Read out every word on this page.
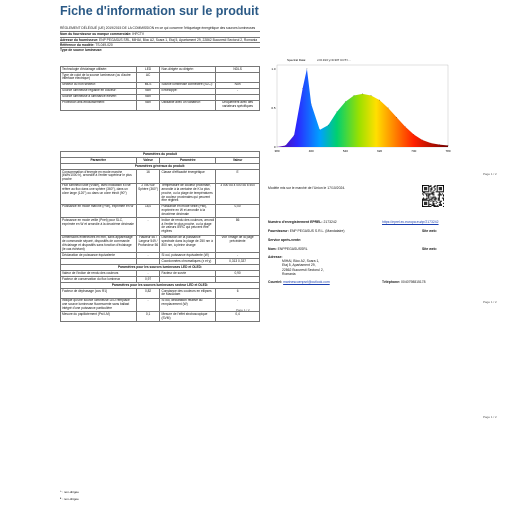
Fiche d'information sur le produit
RÈGLEMENT DÉLÉGUÉ (UE) 2019/2015 DE LA COMMISSION en ce qui concerne l'étiquetage énergétique des sources lumineuses
Nom du fournisseur ou marque commerciale: IHFCTV
Adresse du fournisseur: ENP PEGASUS SRL, MIHAI, Bloc A2, Scara 1, Etaj 5, Apartament 29, 22862 Bucuresti Sectorul 2, Romania
Référence du modèle: TS-049-020
Type de source lumineuse:
Technologie d'éclairage utilisée:	LED	Non-dirigée ou dirigée:	NDLS
Type de culot de la source lumineuse (ou d'autre interface électrique)	AC		
Secteur ou non secteur:	MLS	Source lumineuse connectée (SLC):	Non
Source lumineuse réglable en couleur:	Non	Enveloppe:	-
Source lumineuse à luminance élevée:	Non		
Protection anti-éblouissement:	Non	Utilisable avec un variateur:	Uniquement avec des variateurs spécifiques
Paramètres du produit			
Paramètre	Valeur	Paramètre	Valeur
Paramètres généraux du produit:			
Consommation d'énergie en mode marche (kWh/1000 h), arrondie à l'entier supérieur le plus proche	16	Classe d'efficacité énergétique	E
Flux lumineux utile (Φuse), avec indication s'il se réfère au flux dans une sphère (360°), dans un cône large (120°) ou dans un cône étroit (90°)	2 050 sur Sphère (360°)	Température de couleur proximale, arrondie à la centaine de K la plus proche, ou la plage de températures de couleur proximales qui peuvent être réglées	3 000 ou 4 000 ou 6 500
Puissance en mode marche (Pon), exprimée en W	18,0	Puissance en mode veille (Psb), exprimée en W et arrondie à la deuxième décimale	0,00
Puissance en mode veille (Pnet) pour SLC, exprimée en W et arrondie à la deuxième décimale	-	Indice de rendu des couleurs, arrondi à l'entier le plus proche, ou la plage de valeurs d'IRC qui peuvent être réglées	86
Dimensions extérieures en mm, sans appareillage de commande séparé, dispositifs de commande d'éclairage et dispositifs sans fonction d'éclairage (le cas échéant)	Hauteur 56 / Largeur 549 / Profondeur 56	Distribution de la puissance spectrale dans la plage de 250 nm à 800 nm, à pleine charge	Voir l'image de la page précédente
Déclaration de puissance équivalente	-	Si oui, puissance équivalente (W)	-
		Coordonnées chromatiques (x et y)	0,313 0,337
Paramètres pour les sources lumineuses LED et OLED:			
Valeur de l'indice de rendu des couleurs	-	Facteur de survie	0,90
Facteur de conservation du flux lumineux	0,97		
Paramètres pour les sources lumineuses secteur LED et OLED:			
Facteur de déphasage (cos Φ1)	0,82	Constance des couleurs en ellipses de MacAdam	6
Indique qu'une source lumineuse LED remplace une source lumineuse fluorescente sans ballast intégré d'une puissance particulière	-	Si oui, déclaration relative au remplacement (W)	-
Mesure du papillotement (Pst LM)	0,1	Mesure de l'effet stroboscopique (SVM)	0,4
ᴬ : non-dirigée
ᴮ : non-dirigée
Page 1 / 2
Spectral Data:	x=0.313 y=0.337 CCT=...
380	460	540	620	700	780
1.0
0.5
0
Page 1 / 2
Modèle mis sur le marché de l'Union le 17/10/2024.
Numéro d'enregistrement EPREL: 2173242	https://eprel.ec.europa.eu/qr/2173242
Fournisseur: ENP PEGASUS S.R.L. (Mandataire)	Site web:
Service après-vente:
Nom: ENPPEGASUSSRL	Site web:
Adresse:
MIHAI, Bloc A2, Scara 1,
Etaj 5, Apartament 29,
22862 Bucuresti Sectorul 2,
Romania
Courriel: marinescuenpsrl@outlook.com	Téléphone: 0040798815178
Page 1 / 2
Page 1 / 2
